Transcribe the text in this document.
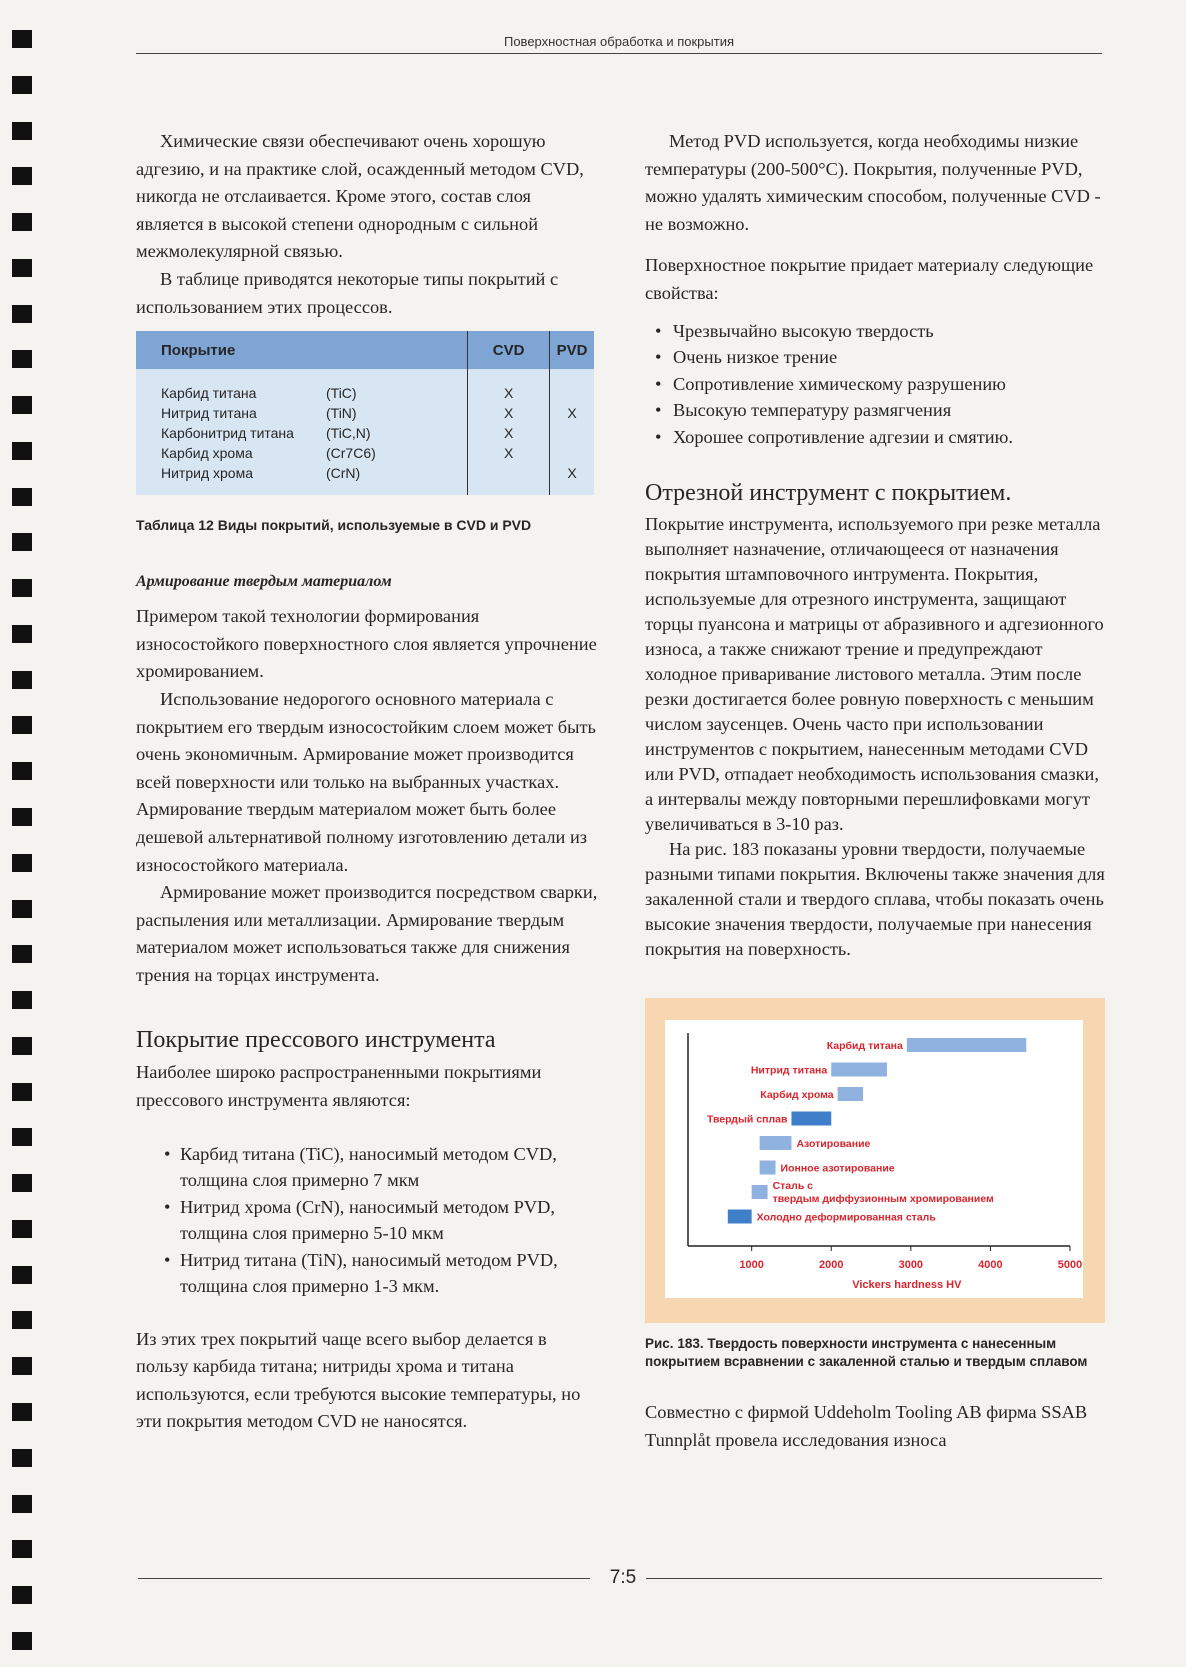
Поверхностная обработка и покрытия

Химические связи обеспечивают очень хорошую адгезию, и на практике слой, осажденный методом CVD, никогда не отслаивается. Кроме этого, состав слоя является в высокой степени однородным с сильной межмолекулярной связью.

В таблице приводятся некоторые типы покрытий с использованием этих процессов.

Покрытие		CVD	PVD

Карбид титана	(TiC)	X	
Нитрид титана	(TiN)	X	X
Карбонитрид титана	(TiC,N)	X	
Карбид хрома	(Cr7C6)	X	
Нитрид хрома	(CrN)		X

Таблица 12 Виды покрытий, используемые в CVD и PVD
Армирование твердым материалом

Примером такой технологии формирования износостойкого поверхностного слоя является упрочнение хромированием.

Использование недорогого основного материала с покрытием его твердым износостойким слоем может быть очень экономичным. Армирование может производится всей поверхности или только на выбранных участках. Армирование твердым материалом может быть более дешевой альтернативой полному изготовлению детали из износостойкого материала.

Армирование может производится посредством сварки, распыления или металлизации. Армирование твердым материалом может использоваться также для снижения трения на торцах инструмента.

Покрытие прессового инструмента

Наиболее широко распространенными покрытиями прессового инструмента являются:

• Карбид титана (TiC), наносимый методом CVD, толщина слоя примерно 7 мкм
• Нитрид хрома (CrN), наносимый методом PVD, толщина слоя примерно 5-10 мкм
• Нитрид титана (TiN), наносимый методом PVD, толщина слоя примерно 1-3 мкм.

Из этих трех покрытий чаще всего выбор делается в пользу карбида титана; нитриды хрома и титана используются, если требуются высокие температуры, но эти покрытия методом CVD не наносятся.

Метод PVD используется, когда необходимы низкие температуры (200-500°C). Покрытия, полученные PVD, можно удалять химическим способом, полученные CVD - не возможно.

Поверхностное покрытие придает материалу следующие свойства:

• Чрезвычайно высокую твердость
• Очень низкое трение
• Сопротивление химическому разрушению
• Высокую температуру размягчения
• Хорошее сопротивление адгезии и смятию.
Отрезной инструмент с покрытием.

Покрытие инструмента, используемого при резке металла выполняет назначение, отличающееся от назначения покрытия штамповочного интрумента. Покрытия, используемые для отрезного инструмента, защищают торцы пуансона и матрицы от абразивного и адгезионного износа, а также снижают трение и предупреждают холодное приваривание листового металла. Этим после резки достигается более ровную поверхность с меньшим числом заусенцев. Очень часто при использовании инструментов с покрытием, нанесенным методами CVD или PVD, отпадает необходимость использования смазки, а интервалы между повторными перешлифовками могут увеличиваться в 3-10 раз.

На рис. 183 показаны уровни твердости, получаемые разными типами покрытия. Включены также значения для закаленной стали и твердого сплава, чтобы показать очень высокие значения твердости, получаемые при нанесения покрытия на поверхность.

1000	2000	3000	4000	5000
Vickers hardness HV
Карбид титана
Нитрид титана
Карбид хрома
Твердый сплав
Азотирование
Ионное азотирование
Сталь с
твердым диффузионным хромированием
Холодно деформированная сталь
Рис. 183. Твердость поверхности инструмента с нанесенным покрытием всравнении с закаленной сталью и твердым сплавом

Совместно с фирмой Uddeholm Tooling AB фирма SSAB Tunnplåt провела исследования износа

7:5
